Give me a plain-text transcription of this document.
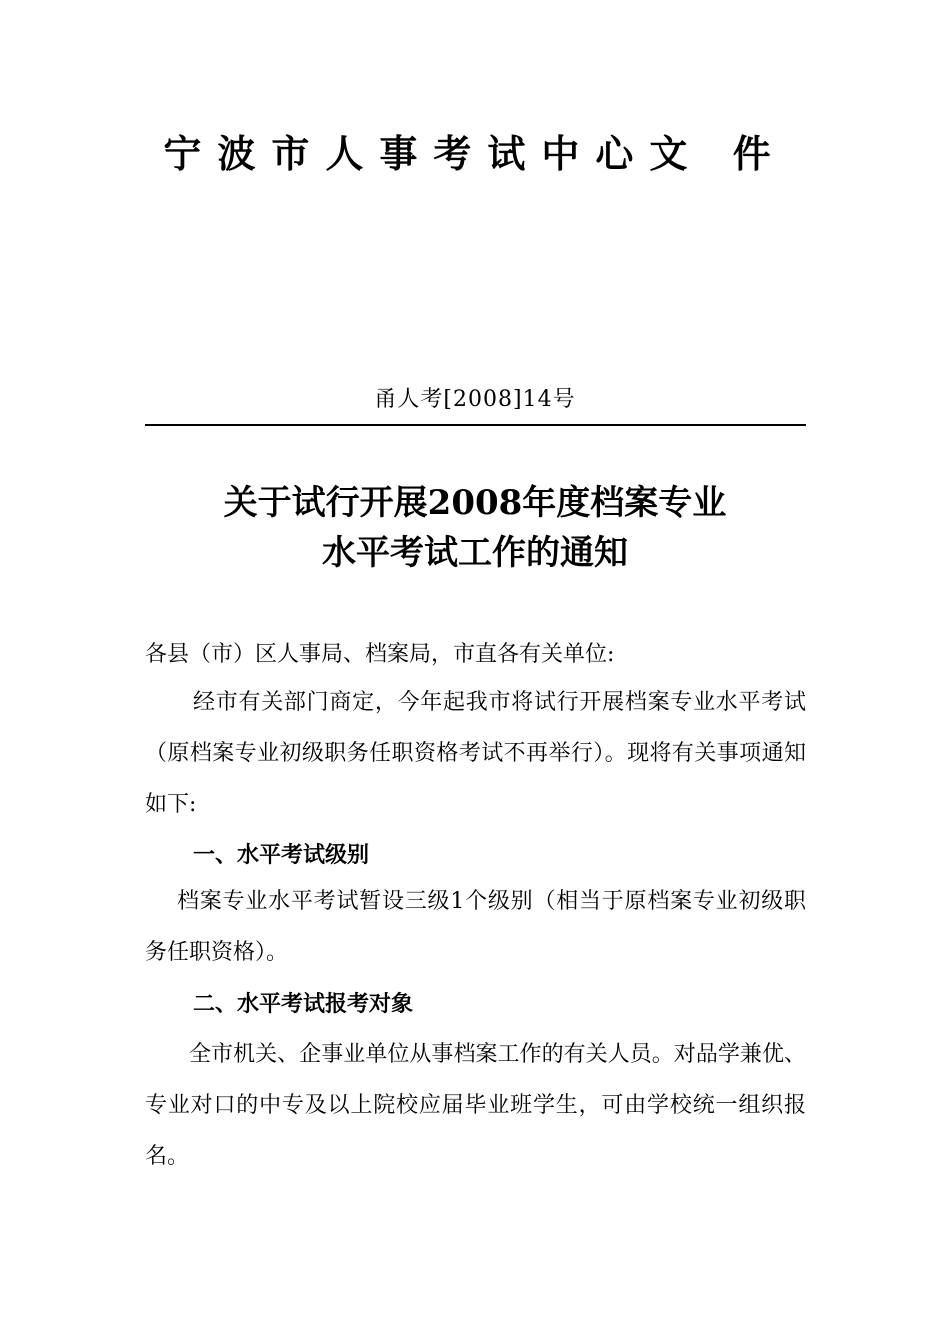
宁波市人事考试中心文 件
甬人考[2008]14号
关于试行开展2008年度档案专业
水平考试工作的通知

各县（市）区人事局、档案局，市直各有关单位:

经市有关部门商定，今年起我市将试行开展档案专业水平考试（原档案专业初级职务任职资格考试不再举行）。现将有关事项通知如下:

一、水平考试级别

档案专业水平考试暂设三级1个级别（相当于原档案专业初级职务任职资格）。

二、水平考试报考对象

全市机关、企事业单位从事档案工作的有关人员。对品学兼优、专业对口的中专及以上院校应届毕业班学生，可由学校统一组织报名。
